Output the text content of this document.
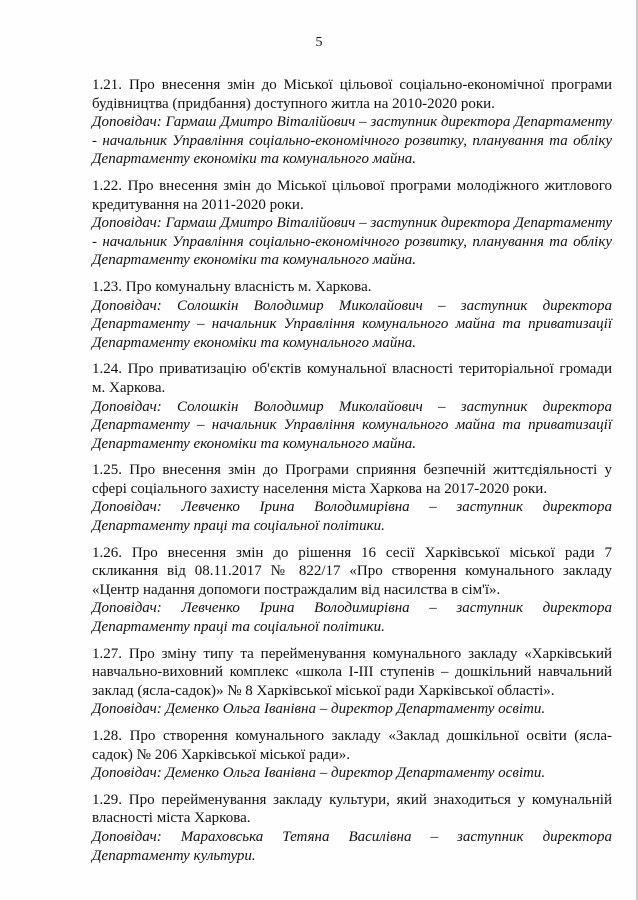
5

1.21. Про внесення змін до Міської цільової соціально-економічної програми будівництва (придбання) доступного житла на 2010-2020 роки.

Доповідач: Гармаш Дмитро Віталійович – заступник директора Департаменту - начальник Управління соціально-економічного розвитку, планування та обліку Департаменту економіки та комунального майна.

1.22. Про внесення змін до Міської цільової програми молодіжного житлового кредитування на 2011-2020 роки.

Доповідач: Гармаш Дмитро Віталійович – заступник директора Департаменту - начальник Управління соціально-економічного розвитку, планування та обліку Департаменту економіки та комунального майна.

1.23. Про комунальну власність м. Харкова.

Доповідач: Солошкін Володимир Миколайович – заступник директора Департаменту – начальник Управління комунального майна та приватизації Департаменту економіки та комунального майна.

1.24. Про приватизацію об'єктів комунальної власності територіальної громади м. Харкова.

Доповідач: Солошкін Володимир Миколайович – заступник директора Департаменту – начальник Управління комунального майна та приватизації Департаменту економіки та комунального майна.

1.25. Про внесення змін до Програми сприяння безпечній життєдіяльності у сфері соціального захисту населення міста Харкова на 2017-2020 роки.

Доповідач: Левченко Ірина Володимирівна – заступник директора Департаменту праці та соціальної політики.

1.26. Про внесення змін до рішення 16 сесії Харківської міської ради 7 скликання від 08.11.2017 № 822/17 «Про створення комунального закладу «Центр надання допомоги постраждалим від насилства в сім'ї».

Доповідач: Левченко Ірина Володимирівна – заступник директора Департаменту праці та соціальної політики.

1.27. Про зміну типу та перейменування комунального закладу «Харківський навчально-виховний комплекс «школа І-ІІІ ступенів – дошкільний навчальний заклад (ясла-садок)» № 8 Харківської міської ради Харківської області».

Доповідач: Деменко Ольга Іванівна – директор Департаменту освіти.

1.28. Про створення комунального закладу «Заклад дошкільної освіти (ясла-садок) № 206 Харківської міської ради».

Доповідач: Деменко Ольга Іванівна – директор Департаменту освіти.

1.29. Про перейменування закладу культури, який знаходиться у комунальній власності міста Харкова.

Доповідач: Мараховська Тетяна Василівна – заступник директора Департаменту культури.
